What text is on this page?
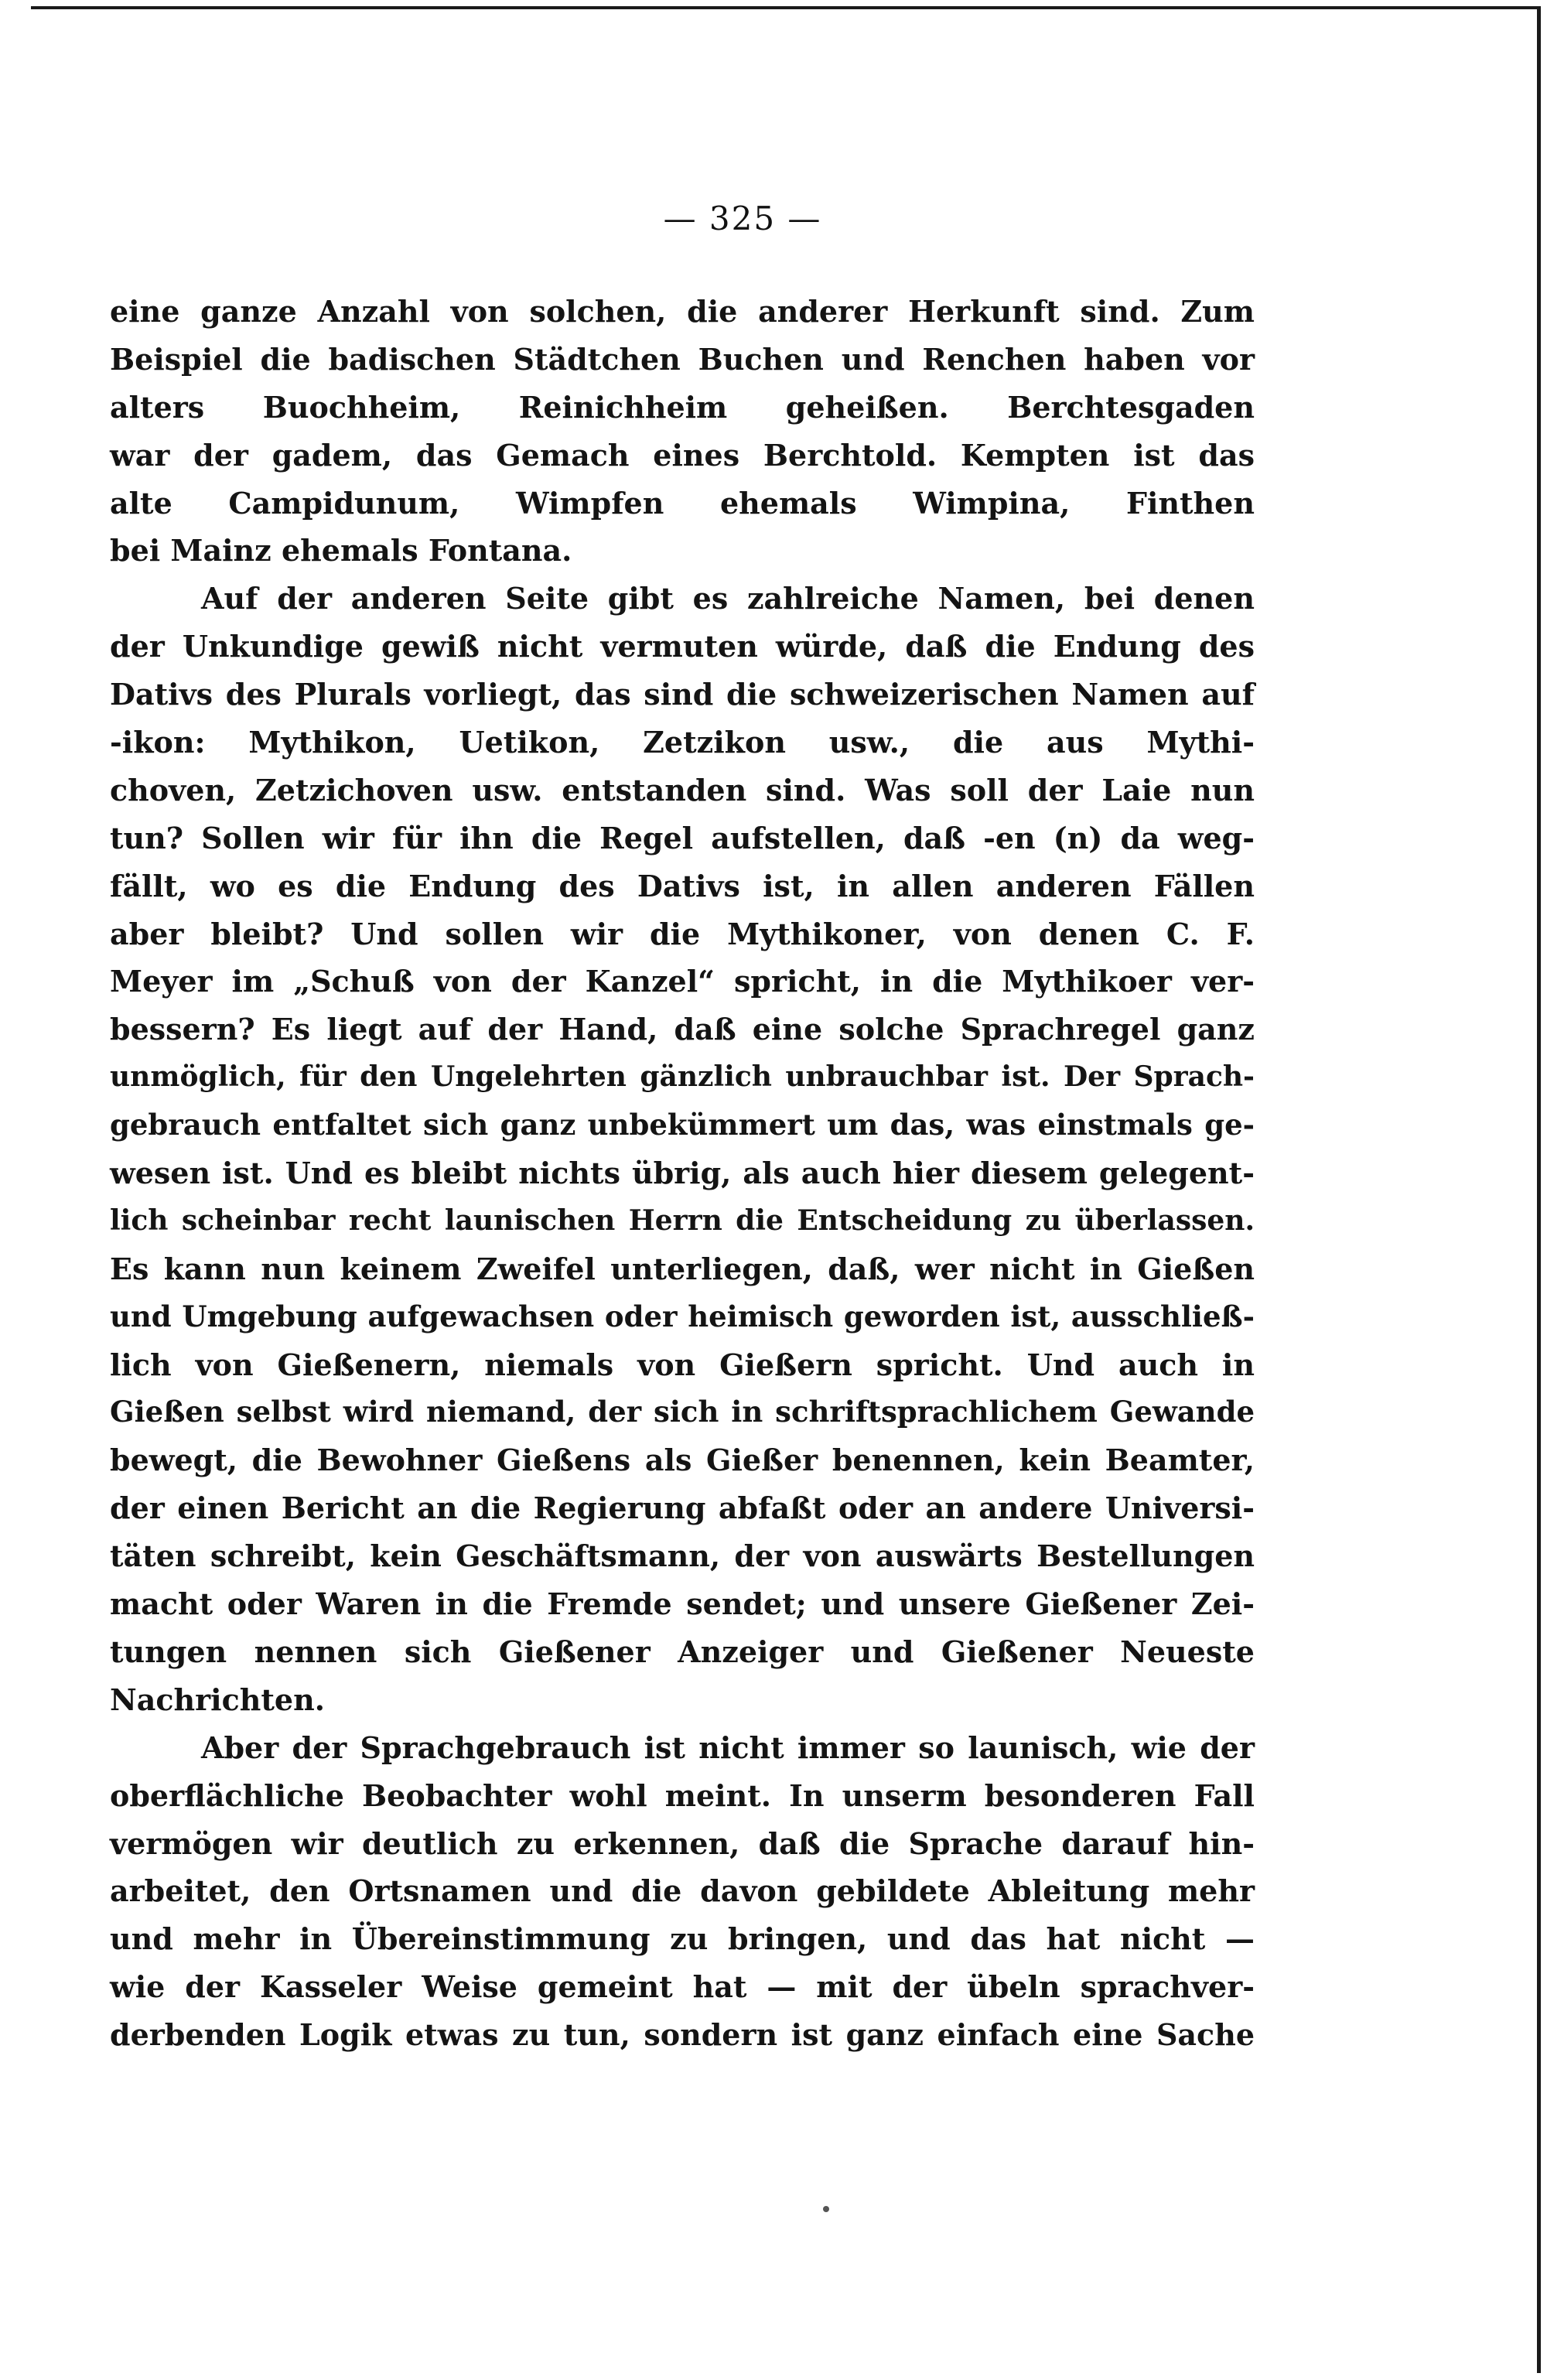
— 325 —
eine ganze Anzahl von solchen, die anderer Herkunft sind. Zum
Beispiel die badischen Städtchen Buchen und Renchen haben vor
alters Buochheim, Reinichheim geheißen. Berchtesgaden
war der gadem, das Gemach eines Berchtold. Kempten ist das
alte Campidunum, Wimpfen ehemals Wimpina, Finthen
bei Mainz ehemals Fontana.
Auf der anderen Seite gibt es zahlreiche Namen, bei denen
der Unkundige gewiß nicht vermuten würde, daß die Endung des
Dativs des Plurals vorliegt, das sind die schweizerischen Namen auf
-ikon: Mythikon, Uetikon, Zetzikon usw., die aus Mythi-
choven, Zetzichoven usw. entstanden sind. Was soll der Laie nun
tun? Sollen wir für ihn die Regel aufstellen, daß -en (n) da weg-
fällt, wo es die Endung des Dativs ist, in allen anderen Fällen
aber bleibt? Und sollen wir die Mythikoner, von denen C. F.
Meyer im „Schuß von der Kanzel“ spricht, in die Mythikoer ver-
bessern? Es liegt auf der Hand, daß eine solche Sprachregel ganz
unmöglich, für den Ungelehrten gänzlich unbrauchbar ist. Der Sprach-
gebrauch entfaltet sich ganz unbekümmert um das, was einstmals ge-
wesen ist. Und es bleibt nichts übrig, als auch hier diesem gelegent-
lich scheinbar recht launischen Herrn die Entscheidung zu überlassen.
Es kann nun keinem Zweifel unterliegen, daß, wer nicht in Gießen
und Umgebung aufgewachsen oder heimisch geworden ist, ausschließ-
lich von Gießenern, niemals von Gießern spricht. Und auch in
Gießen selbst wird niemand, der sich in schriftsprachlichem Gewande
bewegt, die Bewohner Gießens als Gießer benennen, kein Beamter,
der einen Bericht an die Regierung abfaßt oder an andere Universi-
täten schreibt, kein Geschäftsmann, der von auswärts Bestellungen
macht oder Waren in die Fremde sendet; und unsere Gießener Zei-
tungen nennen sich Gießener Anzeiger und Gießener Neueste
Nachrichten.
Aber der Sprachgebrauch ist nicht immer so launisch, wie der
oberflächliche Beobachter wohl meint. In unserm besonderen Fall
vermögen wir deutlich zu erkennen, daß die Sprache darauf hin-
arbeitet, den Ortsnamen und die davon gebildete Ableitung mehr
und mehr in Übereinstimmung zu bringen, und das hat nicht —
wie der Kasseler Weise gemeint hat — mit der übeln sprachver-
derbenden Logik etwas zu tun, sondern ist ganz einfach eine Sache
